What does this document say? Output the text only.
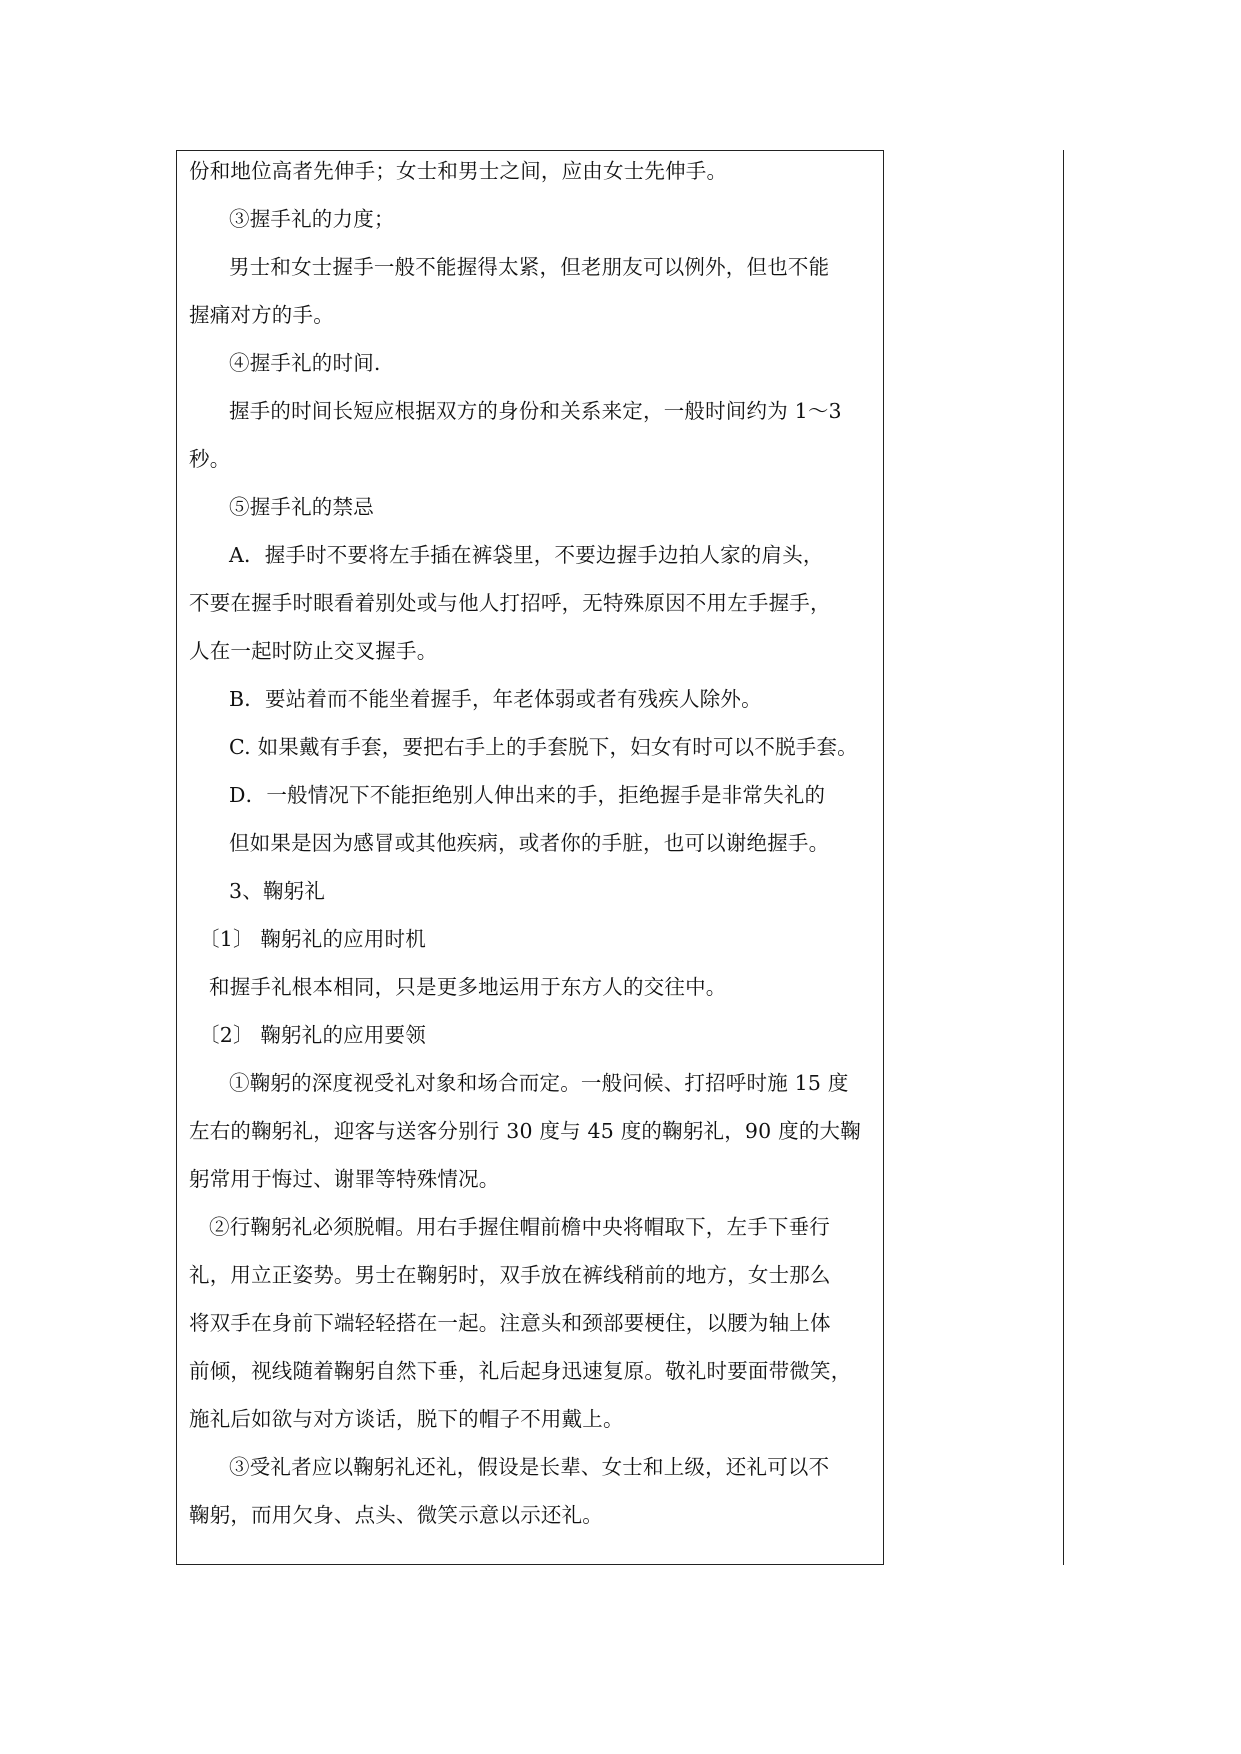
份和地位高者先伸手；女士和男士之间，应由女士先伸手。
③握手礼的力度；
男士和女士握手一般不能握得太紧，但老朋友可以例外，但也不能
握痛对方的手。
④握手礼的时间.
握手的时间长短应根据双方的身份和关系来定，一般时间约为 1～3
秒。
⑤握手礼的禁忌
A．握手时不要将左手插在裤袋里，不要边握手边拍人家的肩头，
不要在握手时眼看着别处或与他人打招呼，无特殊原因不用左手握手，
人在一起时防止交叉握手。
B．要站着而不能坐着握手，年老体弱或者有残疾人除外。
C. 如果戴有手套，要把右手上的手套脱下，妇女有时可以不脱手套。
D．一般情况下不能拒绝别人伸出来的手，拒绝握手是非常失礼的
但如果是因为感冒或其他疾病，或者你的手脏，也可以谢绝握手。
3、鞠躬礼
〔1〕 鞠躬礼的应用时机
和握手礼根本相同，只是更多地运用于东方人的交往中。
〔2〕 鞠躬礼的应用要领
①鞠躬的深度视受礼对象和场合而定。一般问候、打招呼时施 15 度
左右的鞠躬礼，迎客与送客分别行 30 度与 45 度的鞠躬礼，90 度的大鞠
躬常用于悔过、谢罪等特殊情况。
②行鞠躬礼必须脱帽。用右手握住帽前檐中央将帽取下，左手下垂行
礼，用立正姿势。男士在鞠躬时，双手放在裤线稍前的地方，女士那么
将双手在身前下端轻轻搭在一起。注意头和颈部要梗住，以腰为轴上体
前倾，视线随着鞠躬自然下垂，礼后起身迅速复原。敬礼时要面带微笑，
施礼后如欲与对方谈话，脱下的帽子不用戴上。
③受礼者应以鞠躬礼还礼，假设是长辈、女士和上级，还礼可以不
鞠躬，而用欠身、点头、微笑示意以示还礼。
